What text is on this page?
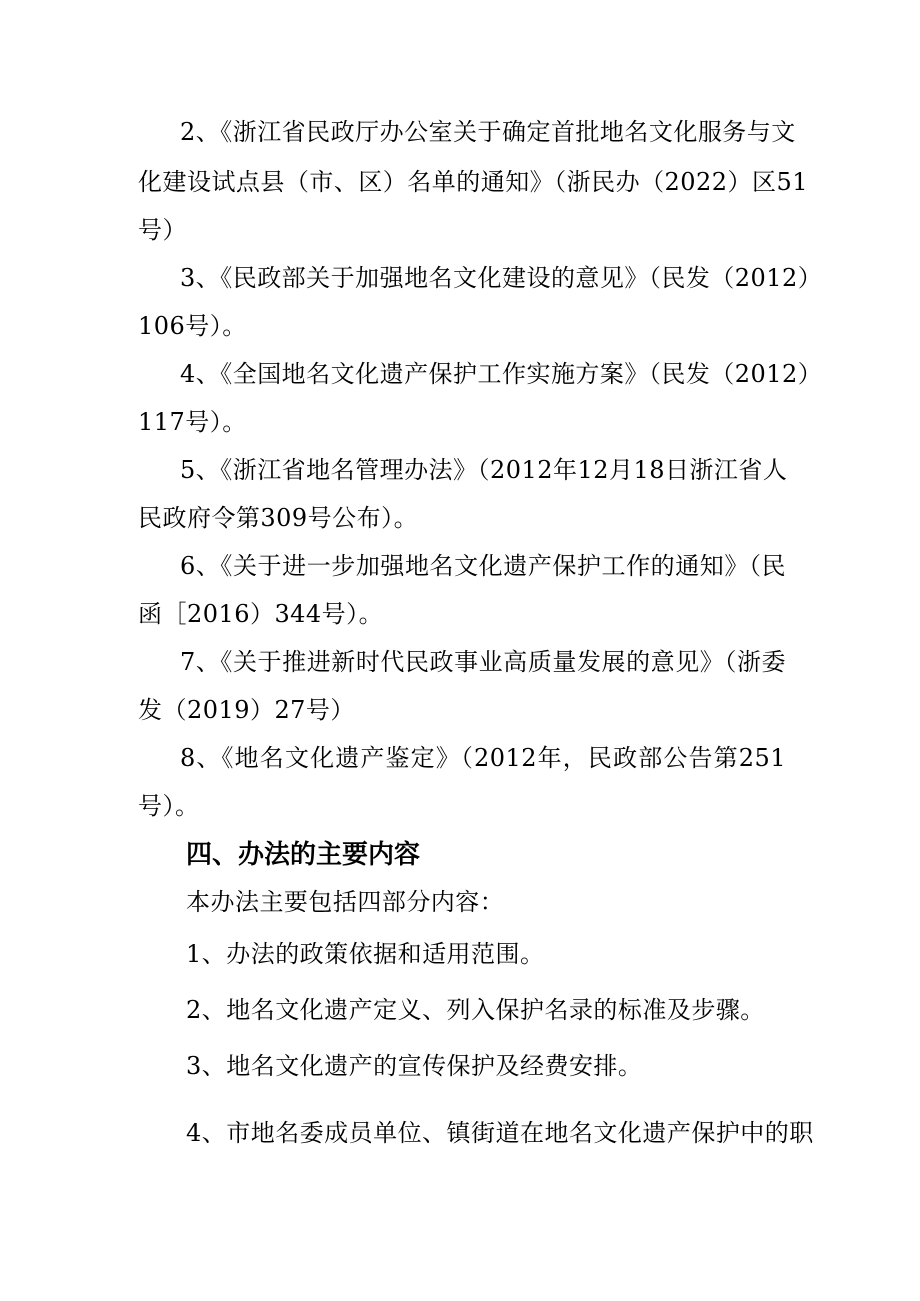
2、《浙江省民政厅办公室关于确定首批地名文化服务与文
化建设试点县（市、区）名单的通知》（浙民办（2022）区51
号）
3、《民政部关于加强地名文化建设的意见》（民发（2012）
106号）。
4、《全国地名文化遗产保护工作实施方案》（民发（2012）
117号）。
5、《浙江省地名管理办法》（2012年12月18日浙江省人
民政府令第309号公布）。
6、《关于进一步加强地名文化遗产保护工作的通知》（民
函［2016）344号）。
7、《关于推进新时代民政事业高质量发展的意见》（浙委
发（2019）27号）
8、《地名文化遗产鉴定》（2012年，民政部公告第251
号）。
四、办法的主要内容
本办法主要包括四部分内容：
1、办法的政策依据和适用范围。
2、地名文化遗产定义、列入保护名录的标准及步骤。
3、地名文化遗产的宣传保护及经费安排。
4、市地名委成员单位、镇街道在地名文化遗产保护中的职
